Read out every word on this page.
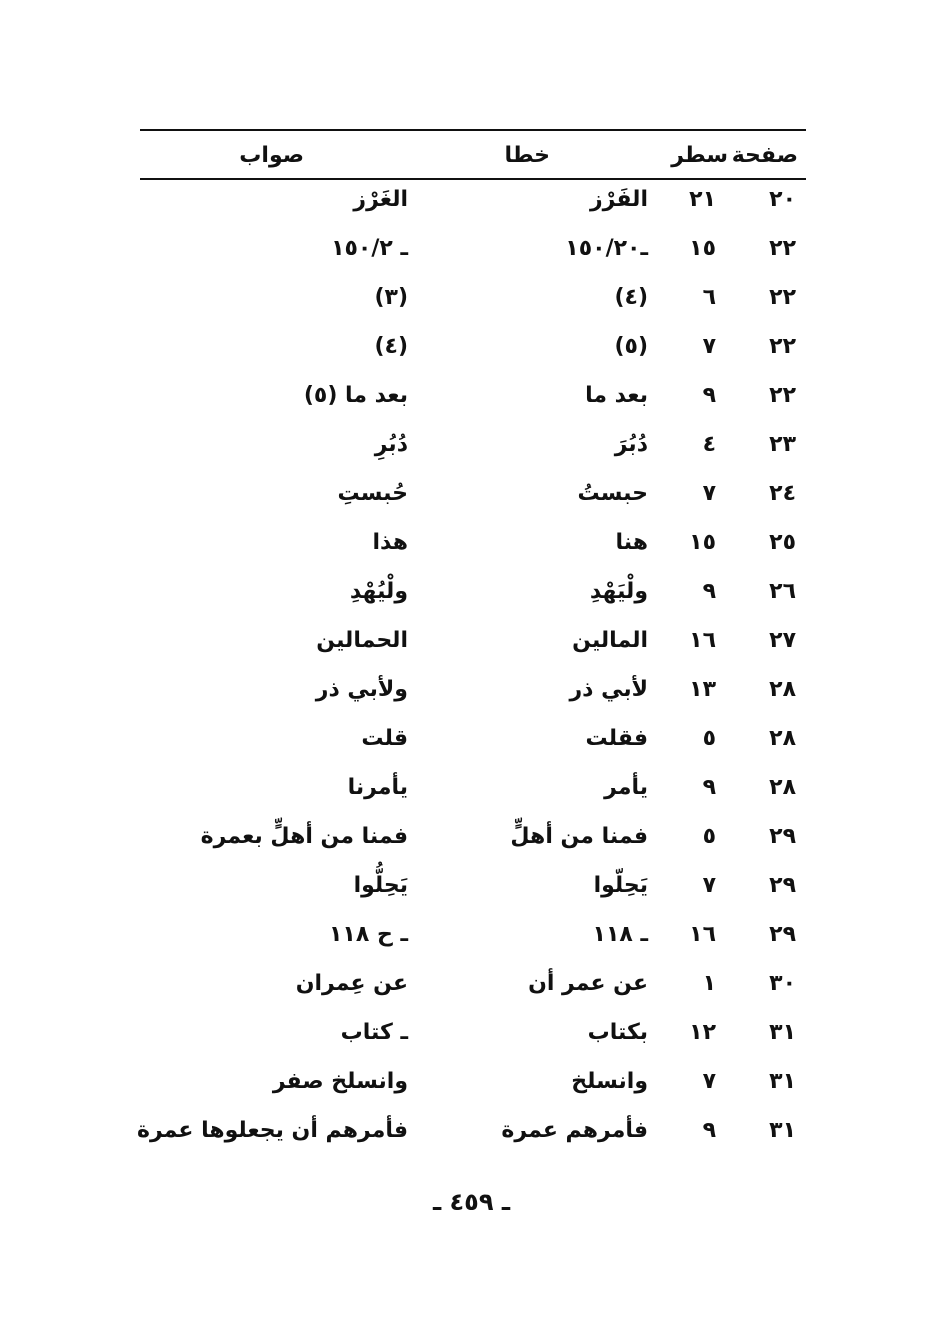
صفحة
سطر
خطا
صواب
٢٠
٢١
الفَرْز
الغَرْز
٢٢
١٥
ـ١٥٠/٢٠
ـ ١٥٠/٢
٢٢
٦
(٤)
(٣)
٢٢
٧
(٥)
(٤)
٢٢
٩
بعد ما
بعد ما (٥)
٢٣
٤
دُبُرَ
دُبُرِ
٢٤
٧
حبستُ
حُبستِ
٢٥
١٥
هنا
هذا
٢٦
٩
ولْيَهْدِ
ولْيُهْدِ
٢٧
١٦
المالين
الحمالين
٢٨
١٣
لأبي ذر
ولأبي ذر
٢٨
٥
فقلت
قلت
٢٨
٩
يأمر
يأمرنا
٢٩
٥
فمنا من أهلٍّ
فمنا من أهلٍّ بعمرة
٢٩
٧
يَحِلّوا
يَحِلُّوا
٢٩
١٦
ـ ١١٨
ـ ح ١١٨
٣٠
١
عن عمر أن
عن عِمران
٣١
١٢
بكتاب
ـ كتاب
٣١
٧
وانسلخ
وانسلخ صفر
٣١
٩
فأمرهم عمرة
فأمرهم أن يجعلوها عمرة
ـ ٤٥٩ ـ
